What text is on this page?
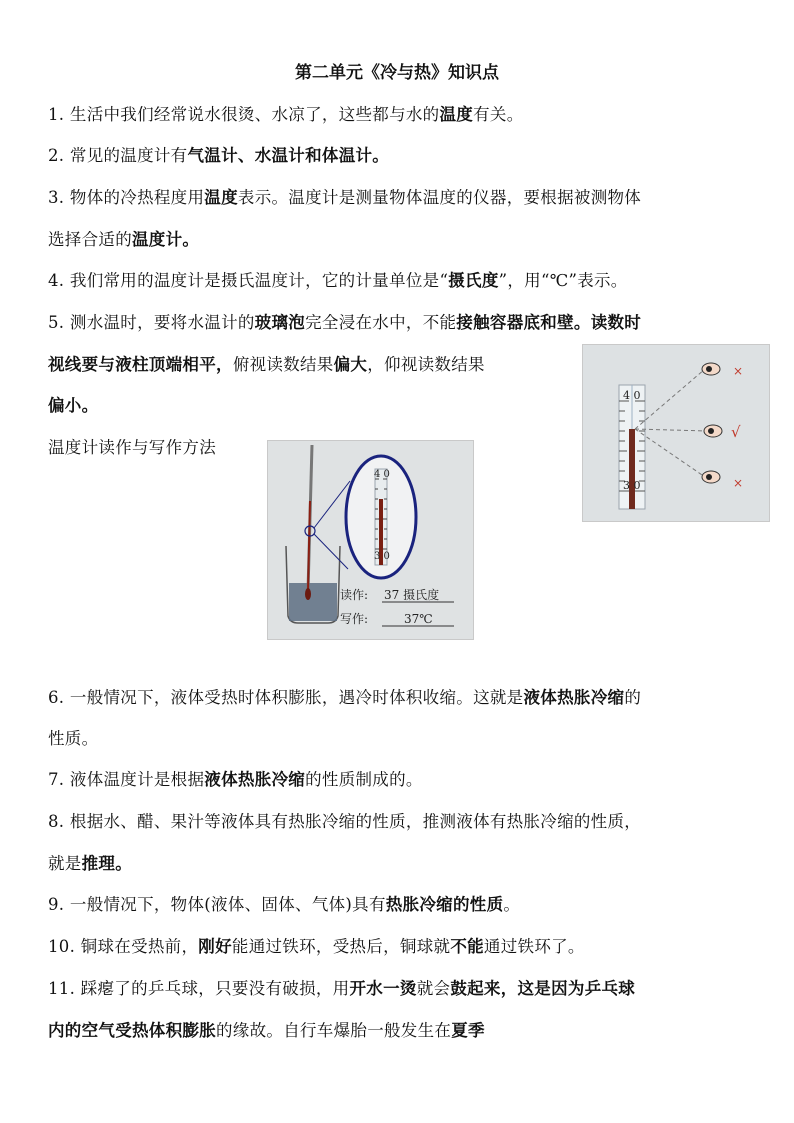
第二单元《冷与热》知识点
1. 生活中我们经常说水很烫、水凉了，这些都与水的温度有关。
2. 常见的温度计有气温计、水温计和体温计。
3. 物体的冷热程度用温度表示。温度计是测量物体温度的仪器，要根据被测物体
选择合适的温度计。
4. 我们常用的温度计是摄氏温度计，它的计量单位是“摄氏度”，用“℃”表示。
5. 测水温时，要将水温计的玻璃泡完全浸在水中，不能接触容器底和壁。读数时
视线要与液柱顶端相平，俯视读数结果偏大，仰视读数结果
偏小。
温度计读作与写作方法
4 0
3 0
×
√
×
4 0
3 0
读作: 37 摄氏度
写作:	37℃
6. 一般情况下，液体受热时体积膨胀，遇冷时体积收缩。这就是液体热胀冷缩的
性质。
7. 液体温度计是根据液体热胀冷缩的性质制成的。
8. 根据水、醋、果汁等液体具有热胀冷缩的性质，推测液体有热胀冷缩的性质，
就是推理。
9. 一般情况下，物体(液体、固体、气体)具有热胀冷缩的性质。
10. 铜球在受热前，刚好能通过铁环，受热后，铜球就不能通过铁环了。
11. 踩瘪了的乒乓球，只要没有破损，用开水一烫就会鼓起来，这是因为乒乓球
内的空气受热体积膨胀的缘故。自行车爆胎一般发生在夏季
